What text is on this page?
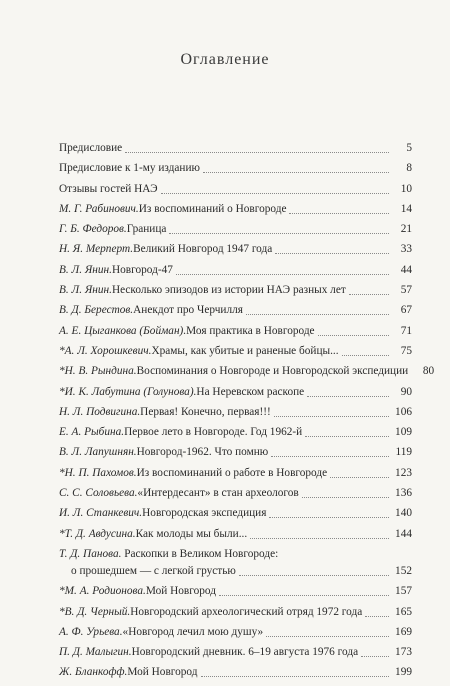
Оглавление
Предисловие	5
Предисловие к 1-му изданию	8
Отзывы гостей НАЭ	10
М. Г. Рабинович. Из воспоминаний о Новгороде	14
Г. Б. Федоров. Граница	21
Н. Я. Мерперт. Великий Новгород 1947 года	33
В. Л. Янин. Новгород-47	44
В. Л. Янин. Несколько эпизодов из истории НАЭ разных лет	57
В. Д. Берестов. Анекдот про Черчилля	67
А. Е. Цыганкова (Бойман). Моя практика в Новгороде	71
*А. Л. Хорошкевич. Храмы, как убитые и раненые бойцы...	75
*Н. В. Рындина. Воспоминания о Новгороде и Новгородской экспедиции	80
*И. К. Лабутина (Голунова). На Неревском раскопе	90
Н. Л. Подвигина. Первая! Конечно, первая!!!	106
Е. А. Рыбина. Первое лето в Новгороде. Год 1962-й	109
В. Л. Лапушнян. Новгород-1962. Что помню	119
*Н. П. Пахомов. Из воспоминаний о работе в Новгороде	123
С. С. Соловьева. «Интердесант» в стан археологов	136
И. Л. Станкевич. Новгородская экспедиция	140
*Т. Д. Авдусина. Как молоды мы были...	144
Т. Д. Панова. Раскопки в Великом Новгороде:
о прошедшем — с легкой грустью	152
*М. А. Родионова. Мой Новгород	157
*В. Д. Черный. Новгородский археологический отряд 1972 года	165
А. Ф. Урьева. «Новгород лечил мою душу»	169
П. Д. Малыгин. Новгородский дневник. 6–19 августа 1976 года	173
Ж. Бланкофф. Мой Новгород	199
